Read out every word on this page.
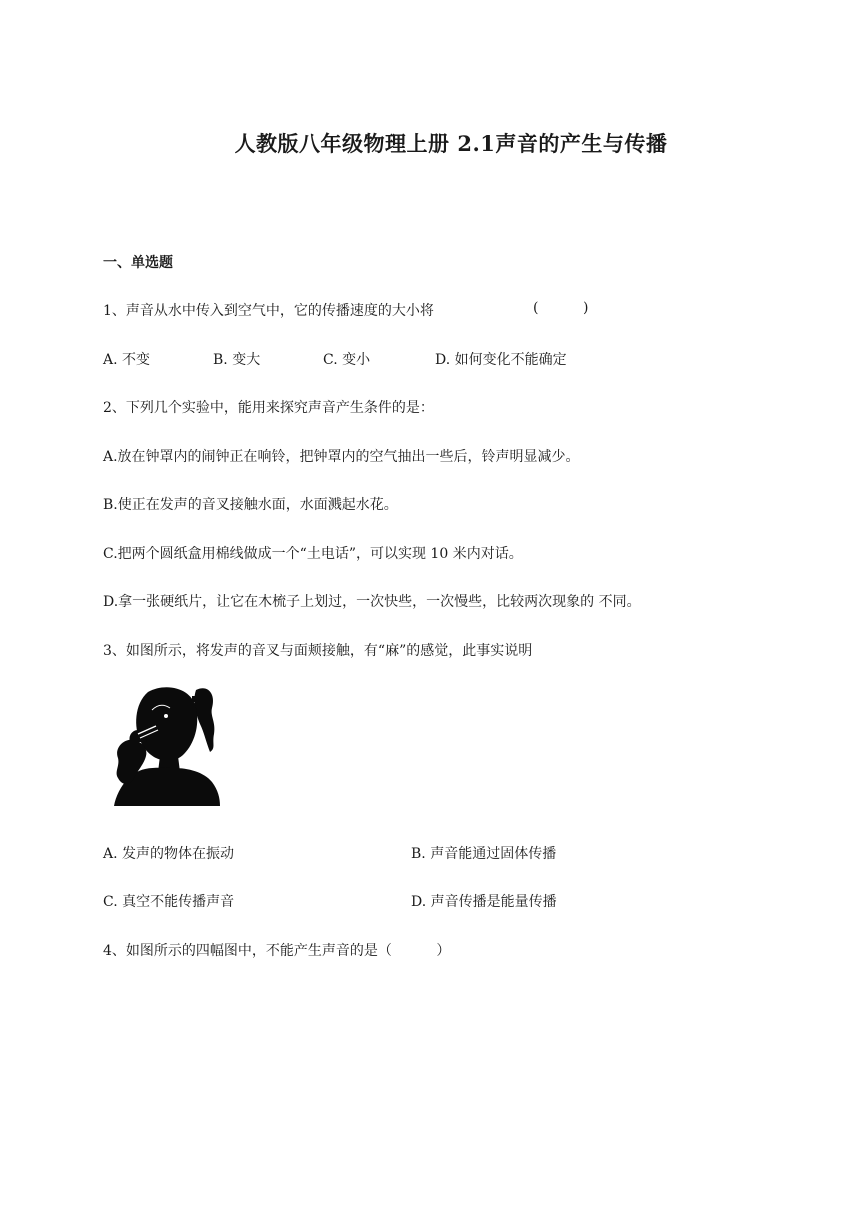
人教版八年级物理上册 2.1声音的产生与传播
一、单选题
1、声音从水中传入到空气中，它的传播速度的大小将	(          )
A. 不变	B. 变大	C. 变小	D. 如何变化不能确定
2、下列几个实验中，能用来探究声音产生条件的是：
A.放在钟罩内的闹钟正在响铃，把钟罩内的空气抽出一些后，铃声明显减少。
B.使正在发声的音叉接触水面，水面溅起水花。
C.把两个圆纸盒用棉线做成一个“土电话”，可以实现 10 米内对话。
D.拿一张硬纸片，让它在木梳子上划过，一次快些，一次慢些，比较两次现象的 不同。
3、如图所示，将发声的音叉与面颊接触，有“麻”的感觉，此事实说明
A. 发声的物体在振动	B. 声音能通过固体传播
C. 真空不能传播声音	D. 声音传播是能量传播
4、如图所示的四幅图中，不能产生声音的是（          ）
